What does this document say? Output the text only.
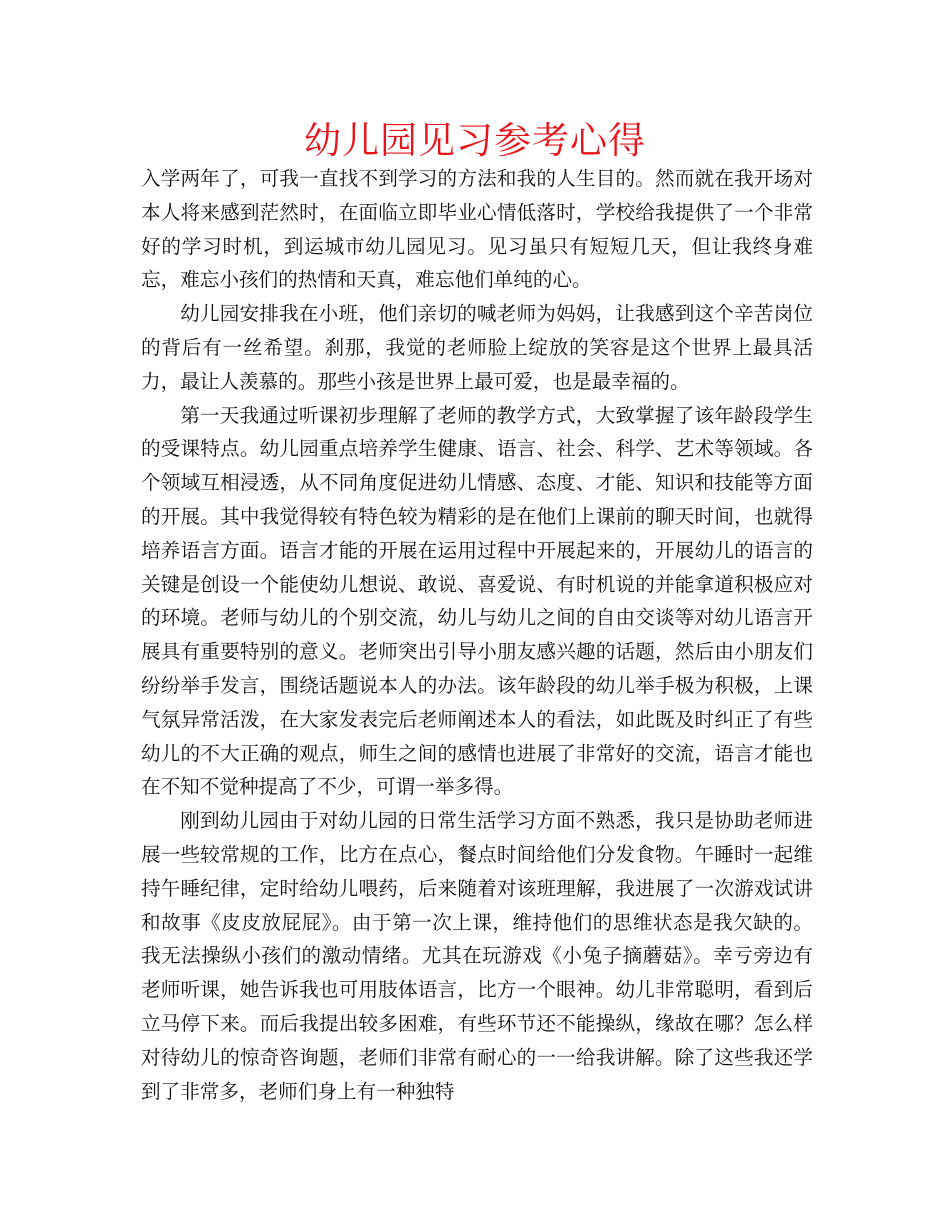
幼儿园见习参考心得

入学两年了，可我一直找不到学习的方法和我的人生目的。然而就在我开场对本人将来感到茫然时，在面临立即毕业心情低落时，学校给我提供了一个非常好的学习时机，到运城市幼儿园见习。见习虽只有短短几天，但让我终身难忘，难忘小孩们的热情和天真，难忘他们单纯的心。

幼儿园安排我在小班，他们亲切的喊老师为妈妈，让我感到这个辛苦岗位的背后有一丝希望。刹那，我觉的老师脸上绽放的笑容是这个世界上最具活力，最让人羡慕的。那些小孩是世界上最可爱，也是最幸福的。

第一天我通过听课初步理解了老师的教学方式，大致掌握了该年龄段学生的受课特点。幼儿园重点培养学生健康、语言、社会、科学、艺术等领域。各个领域互相浸透，从不同角度促进幼儿情感、态度、才能、知识和技能等方面的开展。其中我觉得较有特色较为精彩的是在他们上课前的聊天时间，也就得培养语言方面。语言才能的开展在运用过程中开展起来的，开展幼儿的语言的关键是创设一个能使幼儿想说、敢说、喜爱说、有时机说的并能拿道积极应对的环境。老师与幼儿的个别交流，幼儿与幼儿之间的自由交谈等对幼儿语言开展具有重要特别的意义。老师突出引导小朋友感兴趣的话题，然后由小朋友们纷纷举手发言，围绕话题说本人的办法。该年龄段的幼儿举手极为积极，上课气氛异常活泼，在大家发表完后老师阐述本人的看法，如此既及时纠正了有些幼儿的不大正确的观点，师生之间的感情也进展了非常好的交流，语言才能也在不知不觉种提高了不少，可谓一举多得。

刚到幼儿园由于对幼儿园的日常生活学习方面不熟悉，我只是协助老师进展一些较常规的工作，比方在点心，餐点时间给他们分发食物。午睡时一起维持午睡纪律，定时给幼儿喂药，后来随着对该班理解，我进展了一次游戏试讲和故事《皮皮放屁屁》。由于第一次上课，维持他们的思维状态是我欠缺的。我无法操纵小孩们的激动情绪。尤其在玩游戏《小兔子摘蘑菇》。幸亏旁边有老师听课，她告诉我也可用肢体语言，比方一个眼神。幼儿非常聪明，看到后立马停下来。而后我提出较多困难，有些环节还不能操纵，缘故在哪？怎么样对待幼儿的惊奇咨询题，老师们非常有耐心的一一给我讲解。除了这些我还学到了非常多，老师们身上有一种独特
